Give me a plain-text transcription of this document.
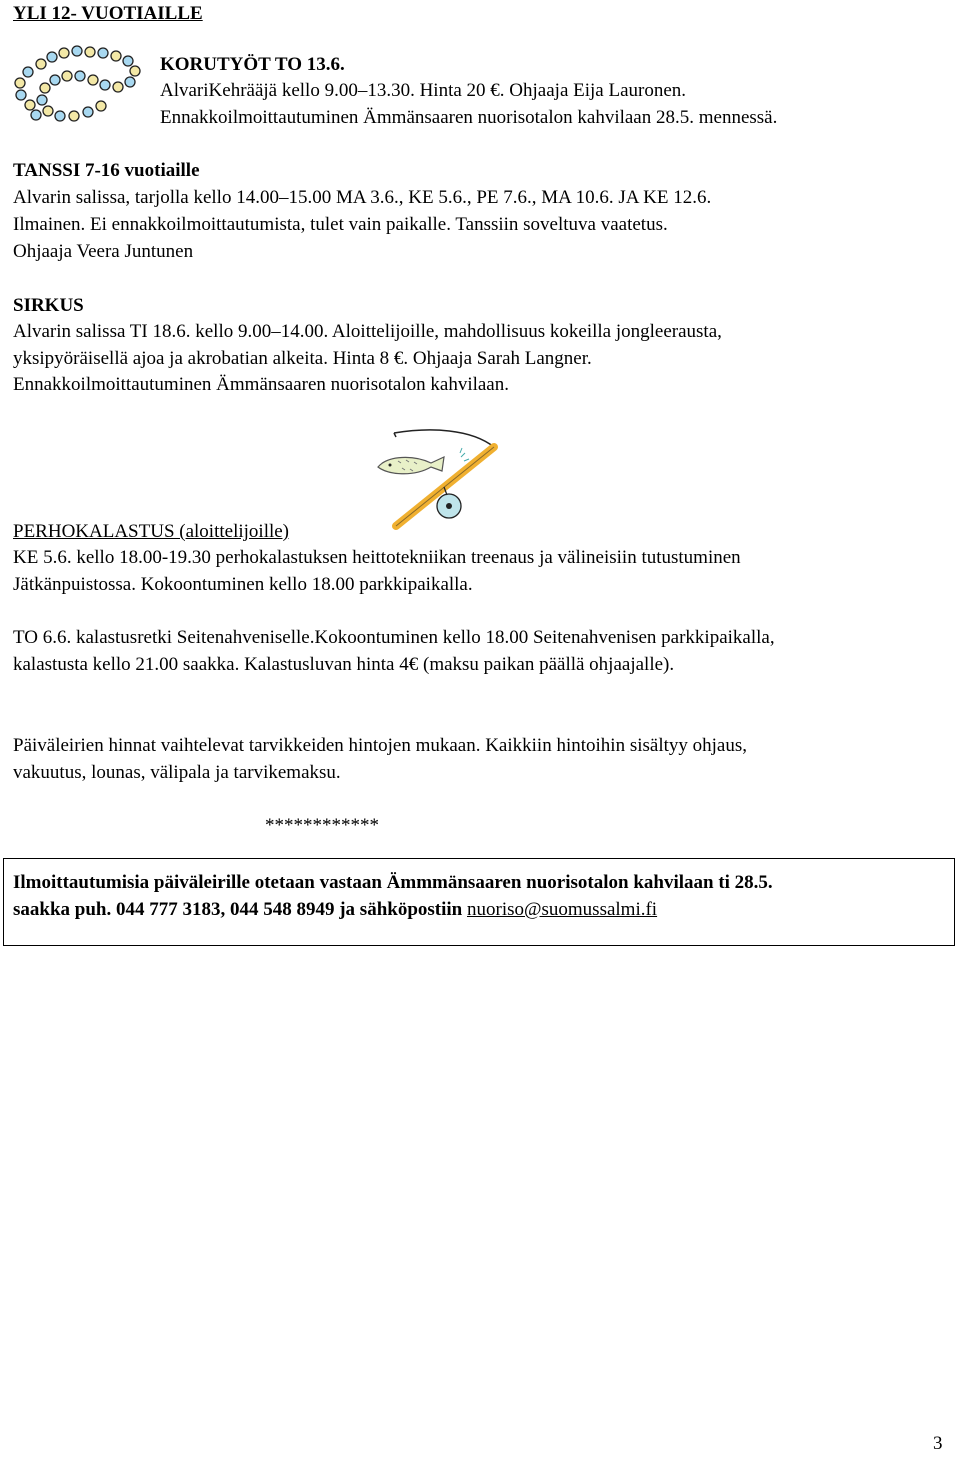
YLI 12- VUOTIAILLE
KORUTYÖT TO 13.6.
AlvariKehrääjä kello 9.00–13.30. Hinta 20 €. Ohjaaja Eija Lauronen.
Ennakkoilmoittautuminen Ämmänsaaren nuorisotalon kahvilaan 28.5. mennessä.
TANSSI 7-16 vuotiaille
Alvarin salissa, tarjolla kello 14.00–15.00 MA 3.6., KE 5.6., PE 7.6., MA 10.6. JA KE 12.6.
Ilmainen. Ei ennakkoilmoittautumista, tulet vain paikalle. Tanssiin soveltuva vaatetus.
Ohjaaja Veera Juntunen
SIRKUS
Alvarin salissa TI 18.6. kello 9.00–14.00. Aloittelijoille, mahdollisuus kokeilla jongleerausta,
yksipyöräisellä ajoa ja akrobatian alkeita. Hinta 8 €. Ohjaaja Sarah Langner.
Ennakkoilmoittautuminen Ämmänsaaren nuorisotalon kahvilaan.
PERHOKALASTUS (aloittelijoille)
KE 5.6. kello 18.00-19.30 perhokalastuksen heittotekniikan treenaus ja välineisiin tutustuminen
Jätkänpuistossa. Kokoontuminen kello 18.00 parkkipaikalla.
TO 6.6. kalastusretki Seitenahveniselle.Kokoontuminen kello 18.00 Seitenahvenisen parkkipaikalla,
kalastusta kello 21.00 saakka. Kalastusluvan hinta 4€ (maksu paikan päällä ohjaajalle).
Päiväleirien hinnat vaihtelevat tarvikkeiden hintojen mukaan. Kaikkiin hintoihin sisältyy ohjaus,
vakuutus, lounas, välipala ja tarvikemaksu.
************
Ilmoittautumisia päiväleirille otetaan vastaan Ämmmänsaaren nuorisotalon kahvilaan ti 28.5.
saakka puh. 044 777 3183, 044 548 8949 ja sähköpostiin nuoriso@suomussalmi.fi
3
